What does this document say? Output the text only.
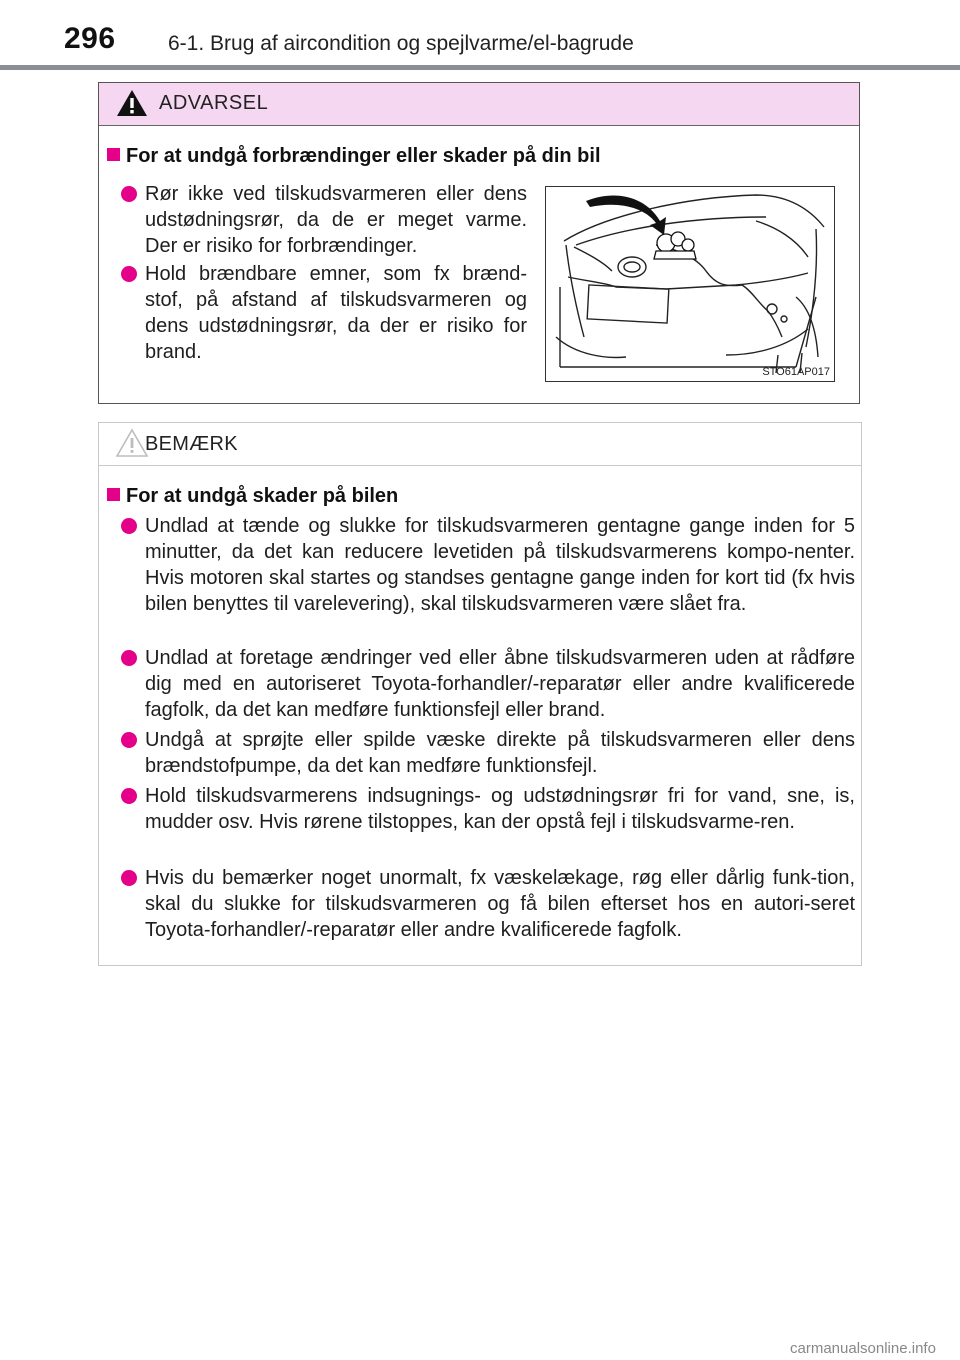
296 6-1. Brug af aircondition og spejlvarme/el-bagrude
ADVARSEL
For at undgå forbrændinger eller skader på din bil
Rør ikke ved tilskudsvarmeren eller dens udstødningsrør, da de er meget varme. Der er risiko for forbrændinger.
Hold brændbare emner, som fx brænd-stof, på afstand af tilskudsvarmeren og dens udstødningsrør, da der er risiko for brand.
STO61AP017
BEMÆRK
For at undgå skader på bilen
Undlad at tænde og slukke for tilskudsvarmeren gentagne gange inden for 5 minutter, da det kan reducere levetiden på tilskudsvarmerens kompo-nenter. Hvis motoren skal startes og standses gentagne gange inden for kort tid (fx hvis bilen benyttes til varelevering), skal tilskudsvarmeren være slået fra.
Undlad at foretage ændringer ved eller åbne tilskudsvarmeren uden at rådføre dig med en autoriseret Toyota-forhandler/-reparatør eller andre kvalificerede fagfolk, da det kan medføre funktionsfejl eller brand.
Undgå at sprøjte eller spilde væske direkte på tilskudsvarmeren eller dens brændstofpumpe, da det kan medføre funktionsfejl.
Hold tilskudsvarmerens indsugnings- og udstødningsrør fri for vand, sne, is, mudder osv. Hvis rørene tilstoppes, kan der opstå fejl i tilskudsvarme-ren.
Hvis du bemærker noget unormalt, fx væskelækage, røg eller dårlig funk-tion, skal du slukke for tilskudsvarmeren og få bilen efterset hos en autori-seret Toyota-forhandler/-reparatør eller andre kvalificerede fagfolk.
carmanualsonline.info
